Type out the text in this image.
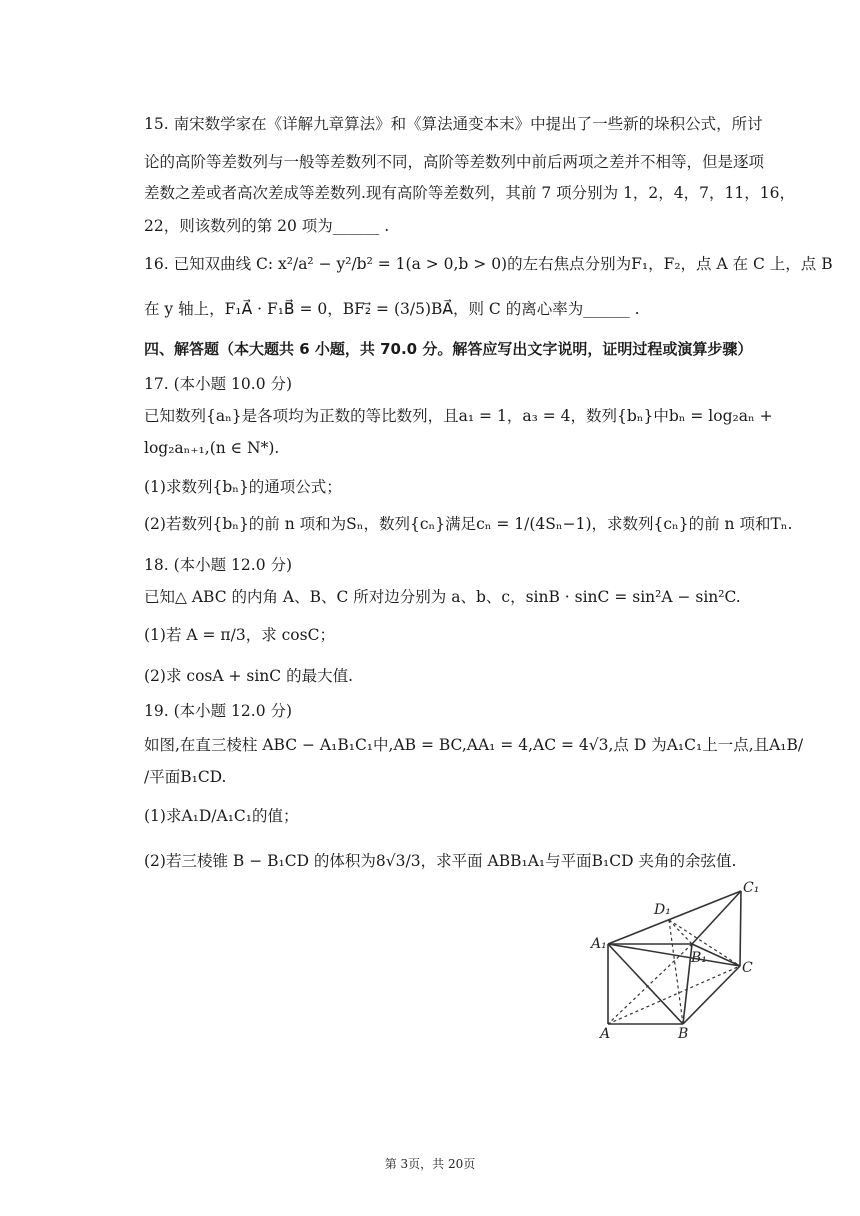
15. 南宋数学家在《详解九章算法》和《算法通变本末》中提出了一些新的垛积公式，所讨
论的高阶等差数列与一般等差数列不同，高阶等差数列中前后两项之差并不相等，但是逐项
差数之差或者高次差成等差数列.现有高阶等差数列，其前 7 项分别为 1，2，4，7，11，16，
22，则该数列的第 20 项为______ .
16. 已知双曲线 C: x²/a² − y²/b² = 1(a > 0,b > 0)的左右焦点分别为F₁，F₂，点 A 在 C 上，点 B
在 y 轴上，F₁A⃗ · F₁B⃗ = 0，BF₂⃗ = (3/5)BA⃗，则 C 的离心率为______ .
四、解答题（本大题共 6 小题，共 70.0 分。解答应写出文字说明，证明过程或演算步骤）
17. (本小题 10.0 分)
已知数列{aₙ}是各项均为正数的等比数列，且a₁ = 1，a₃ = 4，数列{bₙ}中bₙ = log₂aₙ +
log₂aₙ₊₁,(n ∈ N*).
(1)求数列{bₙ}的通项公式；
(2)若数列{bₙ}的前 n 项和为Sₙ，数列{cₙ}满足cₙ = 1/(4Sₙ−1)，求数列{cₙ}的前 n 项和Tₙ.
18. (本小题 12.0 分)
已知△ ABC 的内角 A、B、C 所对边分别为 a、b、c，sinB · sinC = sin²A − sin²C.
(1)若 A = π/3，求 cosC；
(2)求 cosA + sinC 的最大值.
19. (本小题 12.0 分)
如图,在直三棱柱 ABC − A₁B₁C₁中,AB = BC,AA₁ = 4,AC = 4√3,点 D 为A₁C₁上一点,且A₁B/
/平面B₁CD.
(1)求A₁D/A₁C₁的值；
(2)若三棱锥 B − B₁CD 的体积为8√3/3，求平面 ABB₁A₁与平面B₁CD 夹角的余弦值.
A₁
D₁
C₁
B₁
C
A	B
第 3页，共 20页
